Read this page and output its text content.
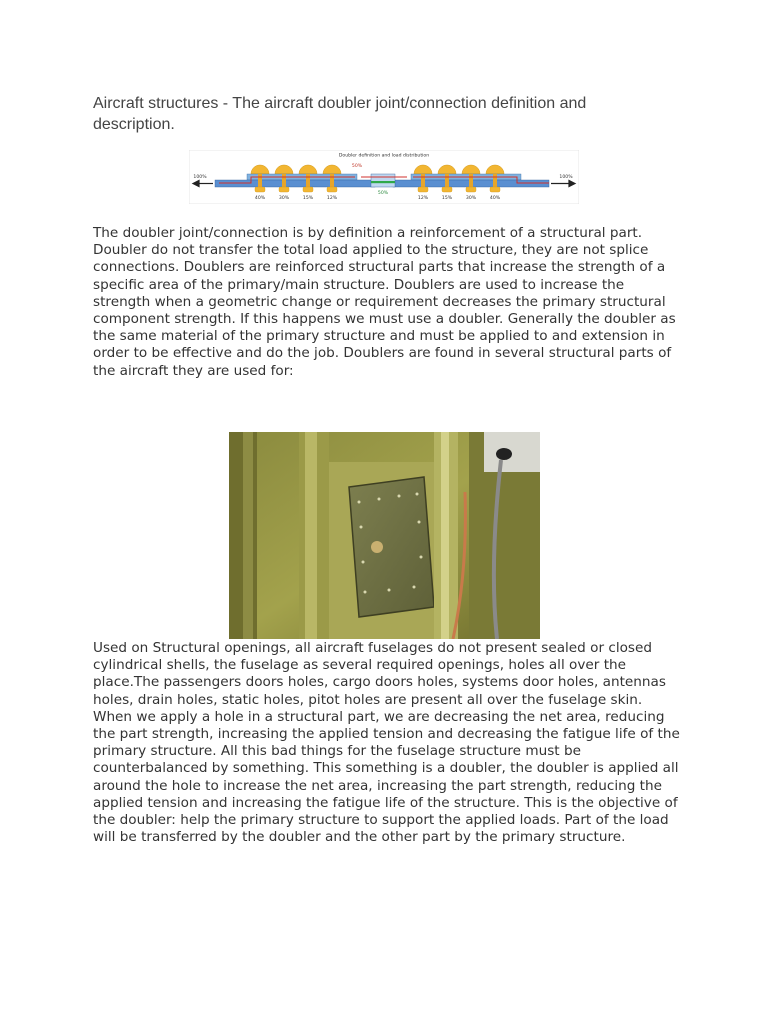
Aircraft structures - The aircraft doubler joint/connection definition and description.
Doubler definition and load distribution
50%
50%
100%	100%
40%	30%	15%	12%	12%	15%	30%	40%
The doubler joint/connection is by definition a reinforcement of a structural part. Doubler do not transfer the total load applied to the structure, they are not splice connections. Doublers are reinforced structural parts that increase the strength of a specific area of the primary/main structure. Doublers are used to increase the strength when a geometric change or requirement decreases the primary structural component strength. If this happens we must use a doubler. Generally the doubler as the same material of the primary structure and must be applied to and extension in order to be effective and do the job. Doublers are found in several structural parts of the aircraft they are used for:
Used on Structural openings, all aircraft fuselages do not present sealed or closed cylindrical shells, the fuselage as several required openings, holes all over the place.The passengers doors holes, cargo doors holes, systems door holes, antennas holes, drain holes, static holes, pitot holes are present all over the fuselage skin. When we apply a hole in a structural part, we are decreasing the net area, reducing the part strength, increasing the applied tension and decreasing the fatigue life of the primary structure. All this bad things for the fuselage structure must be counterbalanced by something. This something is a doubler, the doubler is applied all around the hole to increase the net area, increasing the part strength, reducing the applied tension and increasing the fatigue life of the structure. This is the objective of the doubler: help the primary structure to support the applied loads. Part of the load will be transferred by the doubler and the other part by the primary structure.
